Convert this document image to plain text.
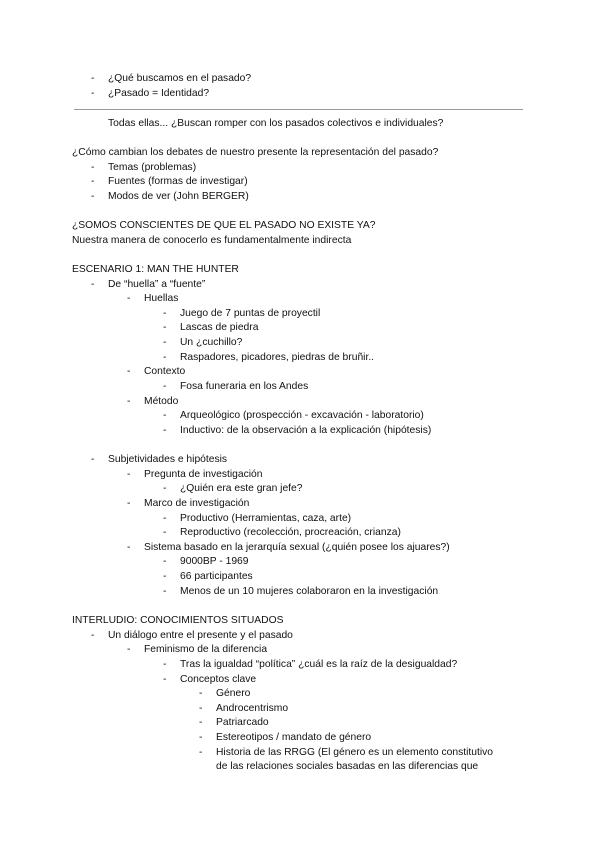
- ¿Qué buscamos en el pasado?
- ¿Pasado = Identidad?
Todas ellas... ¿Buscan romper con los pasados colectivos e individuales?
¿Cómo cambian los debates de nuestro presente la representación del pasado?
- Temas (problemas)
- Fuentes (formas de investigar)
- Modos de ver (John BERGER)
¿SOMOS CONSCIENTES DE QUE EL PASADO NO EXISTE YA?
Nuestra manera de conocerlo es fundamentalmente indirecta
ESCENARIO 1: MAN THE HUNTER
- De “huella” a “fuente”
- Huellas
- Juego de 7 puntas de proyectil
- Lascas de piedra
- Un ¿cuchillo?
- Raspadores, picadores, piedras de bruñir..
- Contexto
- Fosa funeraria en los Andes
- Método
- Arqueológico (prospección - excavación - laboratorio)
- Inductivo: de la observación a la explicación (hipótesis)
- Subjetividades e hipótesis
- Pregunta de investigación
- ¿Quién era este gran jefe?
- Marco de investigación
- Productivo (Herramientas, caza, arte)
- Reproductivo (recolección, procreación, crianza)
- Sistema basado en la jerarquía sexual (¿quién posee los ajuares?)
- 9000BP - 1969
- 66 participantes
- Menos de un 10 mujeres colaboraron en la investigación
INTERLUDIO: CONOCIMIENTOS SITUADOS
- Un diálogo entre el presente y el pasado
- Feminismo de la diferencia
- Tras la igualdad “política” ¿cuál es la raíz de la desigualdad?
- Conceptos clave
- Género
- Androcentrismo
- Patriarcado
- Estereotipos / mandato de género
- Historia de las RRGG (El género es un elemento constitutivo
de las relaciones sociales basadas en las diferencias que
